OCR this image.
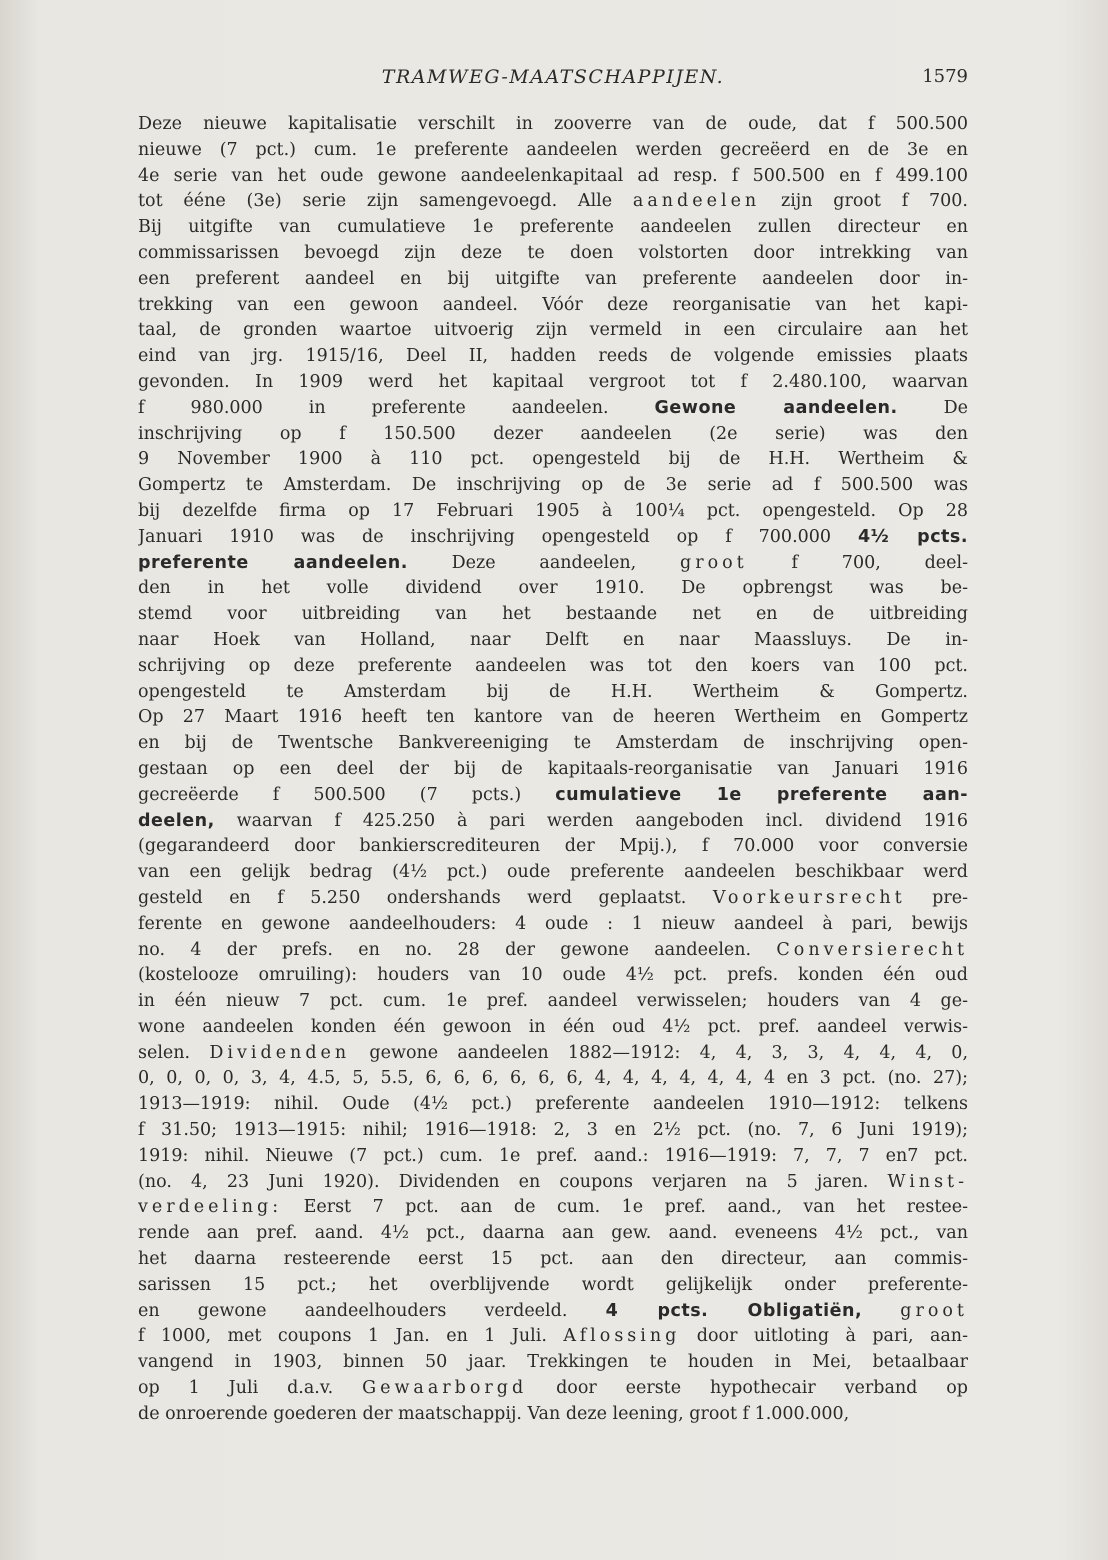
TRAMWEG-MAATSCHAPPIJEN.	1579
Deze nieuwe kapitalisatie verschilt in zooverre van de oude, dat f 500.500
nieuwe (7 pct.) cum. 1e preferente aandeelen werden gecreëerd en de 3e en
4e serie van het oude gewone aandeelenkapitaal ad resp. f 500.500 en f 499.100
tot ééne (3e) serie zijn samengevoegd. Alle aandeelen zijn groot f 700.
Bij uitgifte van cumulatieve 1e preferente aandeelen zullen directeur en
commissarissen bevoegd zijn deze te doen volstorten door intrekking van
een preferent aandeel en bij uitgifte van preferente aandeelen door in-
trekking van een gewoon aandeel. Vóór deze reorganisatie van het kapi-
taal, de gronden waartoe uitvoerig zijn vermeld in een circulaire aan het
eind van jrg. 1915/16, Deel II, hadden reeds de volgende emissies plaats
gevonden. In 1909 werd het kapitaal vergroot tot f 2.480.100, waarvan
f 980.000 in preferente aandeelen. Gewone aandeelen. De
inschrijving op f 150.500 dezer aandeelen (2e serie) was den
9 November 1900 à 110 pct. opengesteld bij de H.H. Wertheim &
Gompertz te Amsterdam. De inschrijving op de 3e serie ad f 500.500 was
bij dezelfde firma op 17 Februari 1905 à 100¼ pct. opengesteld. Op 28
Januari 1910 was de inschrijving opengesteld op f 700.000 4½ pcts.
preferente aandeelen. Deze aandeelen, groot f 700, deel-
den in het volle dividend over 1910. De opbrengst was be-
stemd voor uitbreiding van het bestaande net en de uitbreiding
naar Hoek van Holland, naar Delft en naar Maassluys. De in-
schrijving op deze preferente aandeelen was tot den koers van 100 pct.
opengesteld te Amsterdam bij de H.H. Wertheim & Gompertz.
Op 27 Maart 1916 heeft ten kantore van de heeren Wertheim en Gompertz
en bij de Twentsche Bankvereeniging te Amsterdam de inschrijving open-
gestaan op een deel der bij de kapitaals-reorganisatie van Januari 1916
gecreëerde f 500.500 (7 pcts.) cumulatieve 1e preferente aan-
deelen, waarvan f 425.250 à pari werden aangeboden incl. dividend 1916
(gegarandeerd door bankierscrediteuren der Mpij.), f 70.000 voor conversie
van een gelijk bedrag (4½ pct.) oude preferente aandeelen beschikbaar werd
gesteld en f 5.250 ondershands werd geplaatst. Voorkeursrecht pre-
ferente en gewone aandeelhouders: 4 oude : 1 nieuw aandeel à pari, bewijs
no. 4 der prefs. en no. 28 der gewone aandeelen. Conversierecht
(kostelooze omruiling): houders van 10 oude 4½ pct. prefs. konden één oud
in één nieuw 7 pct. cum. 1e pref. aandeel verwisselen; houders van 4 ge-
wone aandeelen konden één gewoon in één oud 4½ pct. pref. aandeel verwis-
selen. Dividenden gewone aandeelen 1882—1912: 4, 4, 3, 3, 4, 4, 4, 0,
0, 0, 0, 0, 3, 4, 4.5, 5, 5.5, 6, 6, 6, 6, 6, 6, 4, 4, 4, 4, 4, 4, 4 en 3 pct. (no. 27);
1913—1919: nihil. Oude (4½ pct.) preferente aandeelen 1910—1912: telkens
f 31.50; 1913—1915: nihil; 1916—1918: 2, 3 en 2½ pct. (no. 7, 6 Juni 1919);
1919: nihil. Nieuwe (7 pct.) cum. 1e pref. aand.: 1916—1919: 7, 7, 7 en7 pct.
(no. 4, 23 Juni 1920). Dividenden en coupons verjaren na 5 jaren. Winst-
verdeeling: Eerst 7 pct. aan de cum. 1e pref. aand., van het restee-
rende aan pref. aand. 4½ pct., daarna aan gew. aand. eveneens 4½ pct., van
het daarna resteerende eerst 15 pct. aan den directeur, aan commis-
sarissen 15 pct.; het overblijvende wordt gelijkelijk onder preferente-
en gewone aandeelhouders verdeeld. 4 pcts. Obligatiën, groot
f 1000, met coupons 1 Jan. en 1 Juli. Aflossing door uitloting à pari, aan-
vangend in 1903, binnen 50 jaar. Trekkingen te houden in Mei, betaalbaar
op 1 Juli d.a.v. Gewaarborgd door eerste hypothecair verband op
de onroerende goederen der maatschappij. Van deze leening, groot f 1.000.000,
